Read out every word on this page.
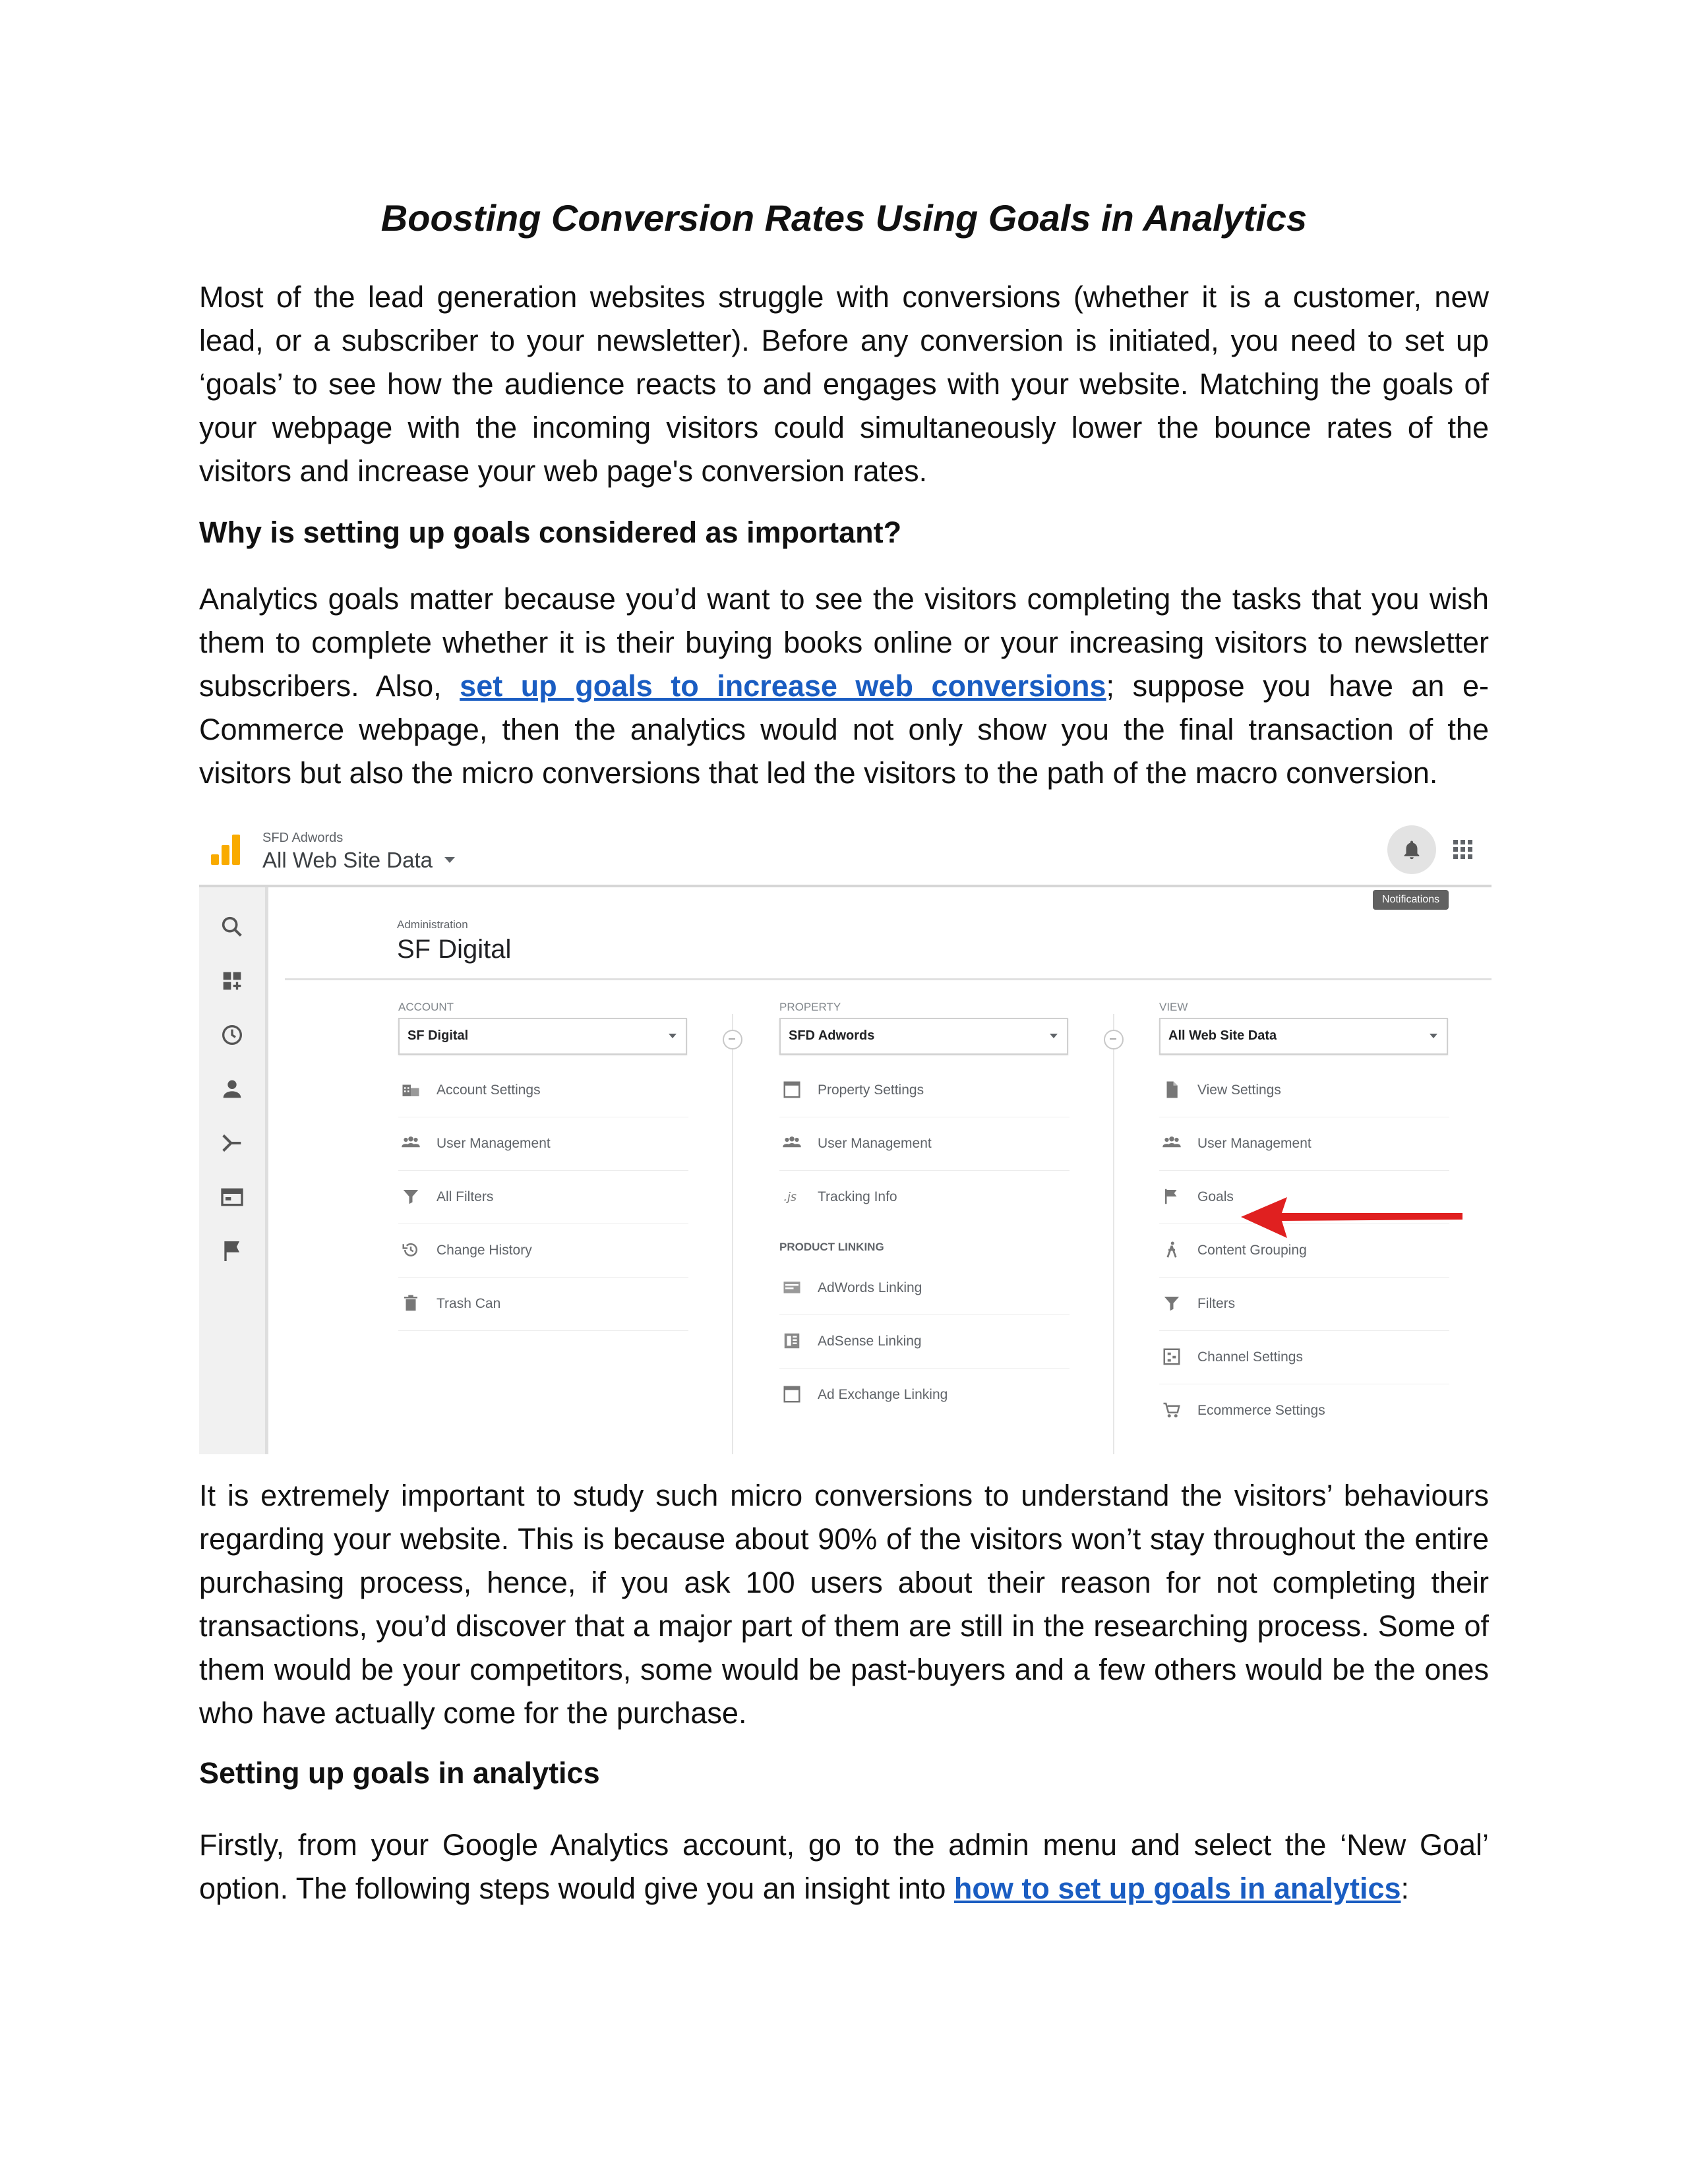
Boosting Conversion Rates Using Goals in Analytics

Most of the lead generation websites struggle with conversions (whether it is a customer, new lead, or a subscriber to your newsletter). Before any conversion is initiated, you need to set up ‘goals’ to see how the audience reacts to and engages with your website. Matching the goals of your webpage with the incoming visitors could simultaneously lower the bounce rates of the visitors and increase your web page's conversion rates.

Why is setting up goals considered as important?

Analytics goals matter because you’d want to see the visitors completing the tasks that you wish them to complete whether it is their buying books online or your increasing visitors to newsletter subscribers. Also, set up goals to increase web conversions; suppose you have an e-Commerce webpage, then the analytics would not only show you the final transaction of the visitors but also the micro conversions that led the visitors to the path of the macro conversion.

SFD Adwords
All Web Site Data
Notifications
Administration
SF Digital
ACCOUNT
SF Digital
Account Settings
User Management
All Filters
Change History
Trash Can
PROPERTY
SFD Adwords
Property Settings
User Management
.js Tracking Info
PRODUCT LINKING
AdWords Linking
AdSense Linking
Ad Exchange Linking
VIEW
All Web Site Data
View Settings
User Management
Goals
Content Grouping
Filters
Channel Settings
Ecommerce Settings

It is extremely important to study such micro conversions to understand the visitors’ behaviours regarding your website. This is because about 90% of the visitors won’t stay throughout the entire purchasing process, hence, if you ask 100 users about their reason for not completing their transactions, you’d discover that a major part of them are still in the researching process. Some of them would be your competitors, some would be past-buyers and a few others would be the ones who have actually come for the purchase.

Setting up goals in analytics

Firstly, from your Google Analytics account, go to the admin menu and select the ‘New Goal’ option. The following steps would give you an insight into how to set up goals in analytics:
